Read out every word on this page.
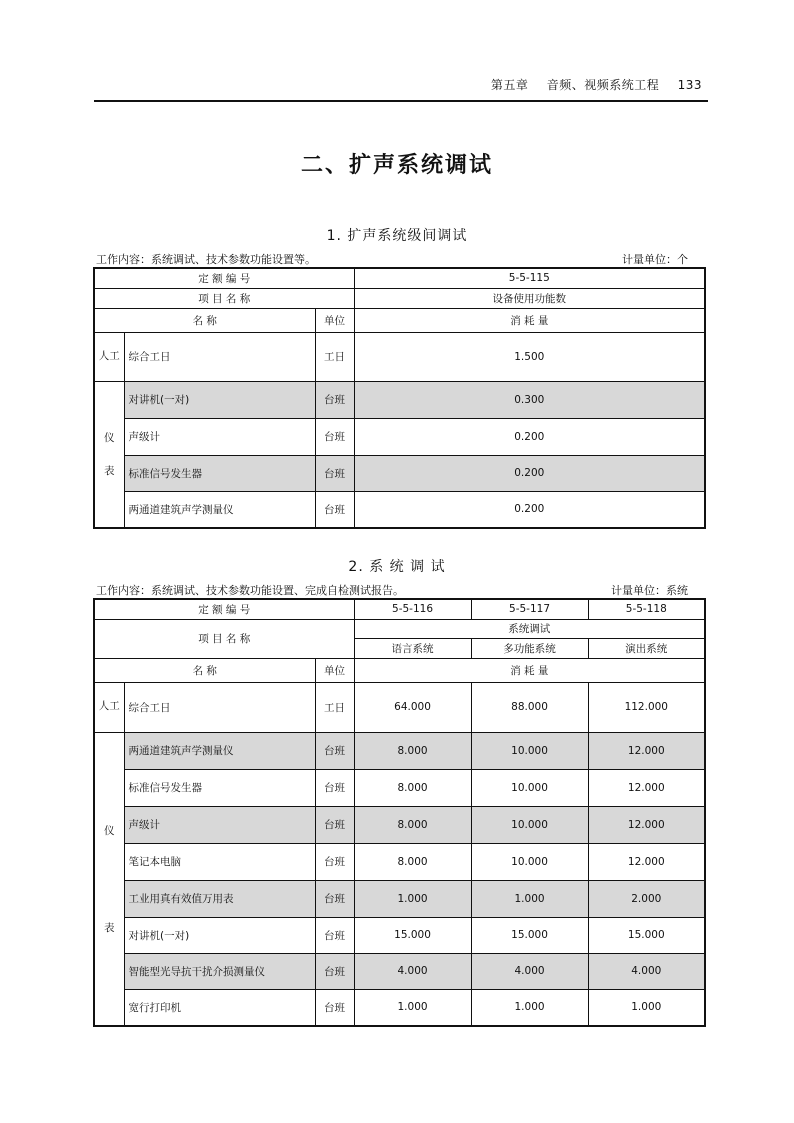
第五章 音频、视频系统工程 133
二、扩声系统调试
1. 扩声系统级间调试
工作内容：系统调试、技术参数功能设置等。	计量单位：个
定 额 编 号			5-5-115
项 目 名 称			设备使用功能数
名 称		单位	消 耗 量
人工	综合工日	工日	1.500

仪
表	对讲机(一对)	台班	0.300
	声级计	台班	0.200
	标准信号发生器	台班	0.200
	两通道建筑声学测量仪	台班	0.200
2. 系 统 调 试
工作内容：系统调试、技术参数功能设置、完成自检测试报告。	计量单位：系统
定 额 编 号			5-5-116	5-5-117	5-5-118
项 目 名 称			系统调试		
			语言系统	多功能系统	演出系统
名 称		单位	消 耗 量		
人工	综合工日	工日	64.000	88.000	112.000

仪
表	两通道建筑声学测量仪	台班	8.000	10.000	12.000
	标准信号发生器	台班	8.000	10.000	12.000
	声级计	台班	8.000	10.000	12.000
	笔记本电脑	台班	8.000	10.000	12.000
	工业用真有效值万用表	台班	1.000	1.000	2.000
	对讲机(一对)	台班	15.000	15.000	15.000
	智能型光导抗干扰介损测量仪	台班	4.000	4.000	4.000
	宽行打印机	台班	1.000	1.000	1.000
